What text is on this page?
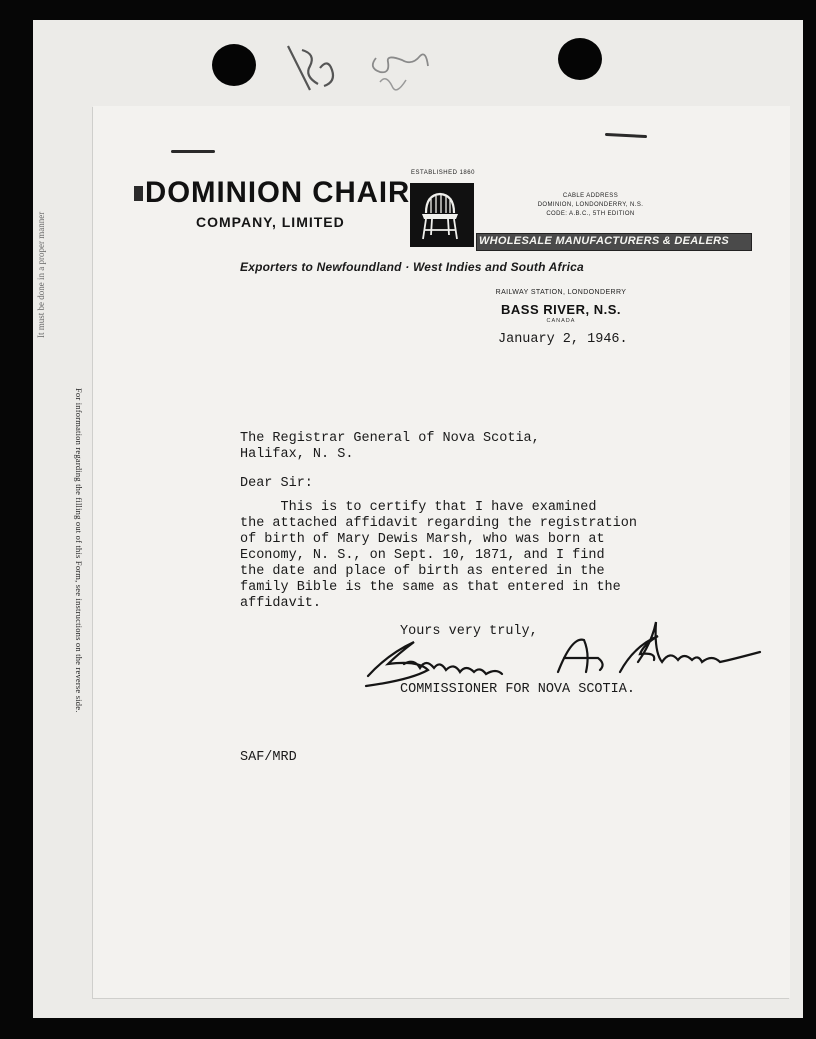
For information regarding the filling out of this Form, see instructions on the reverse side.
It must be done in a proper manner
DOMINION CHAIR
COMPANY, LIMITED
ESTABLISHED 1860
CABLE ADDRESS
DOMINION, LONDONDERRY, N.S.
CODE: A.B.C., 5TH EDITION
WHOLESALE MANUFACTURERS & DEALERS
Exporters to Newfoundland · West Indies and South Africa
RAILWAY STATION, LONDONDERRY
BASS RIVER, N.S.
CANADA
January 2, 1946.
The Registrar General of Nova Scotia,
Halifax, N. S.
Dear Sir:
This is to certify that I have examined
the attached affidavit regarding the registration
of birth of Mary Dewis Marsh, who was born at
Economy, N. S., on Sept. 10, 1871, and I find
the date and place of birth as entered in the
family Bible is the same as that entered in the
affidavit.
Yours very truly,
COMMISSIONER FOR NOVA SCOTIA.
SAF/MRD
